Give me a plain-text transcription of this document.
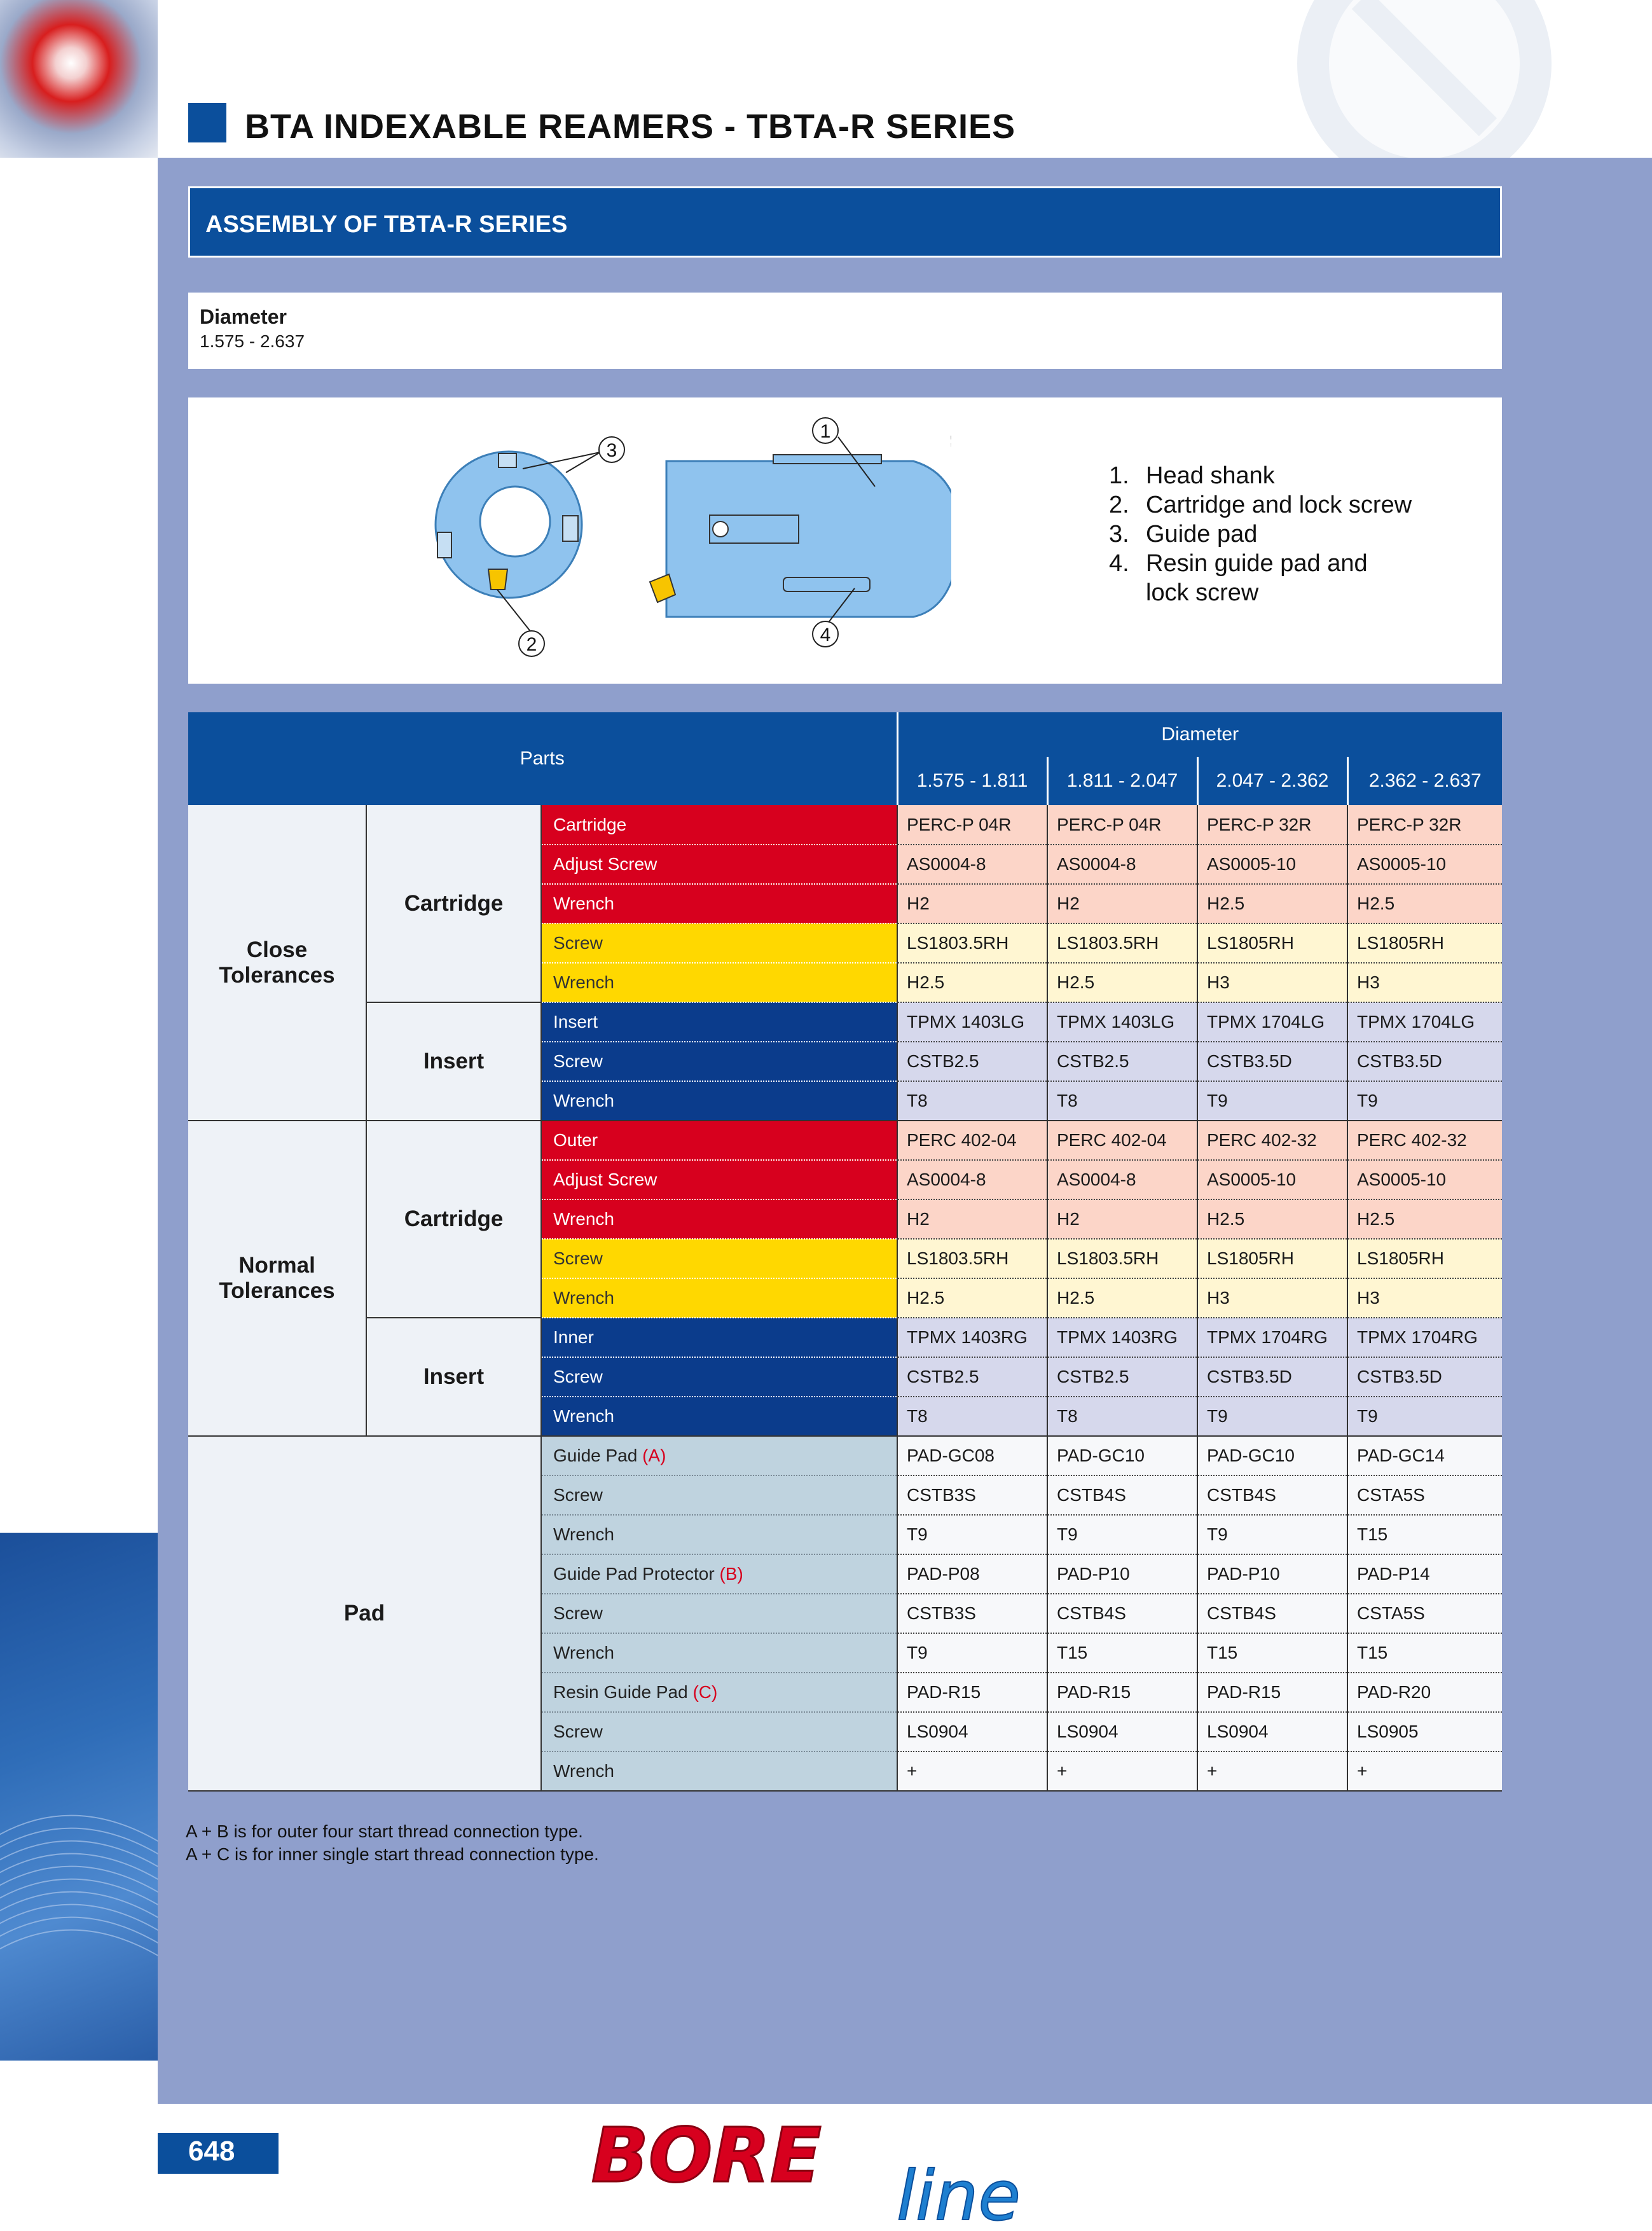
BTA INDEXABLE REAMERS - TBTA-R SERIES
ASSEMBLY OF TBTA-R SERIES
Diameter
1.575 - 2.637
1
2
3
4
1. Head shank
2. Cartridge and lock screw
3. Guide pad
4. Resin guide pad and
lock screw
Parts			Diameter			
			1.575 - 1.811	1.811 - 2.047	2.047 - 2.362	2.362 - 2.637
Close Tolerances	Cartridge	Cartridge	PERC-P 04R	PERC-P 04R	PERC-P 32R	PERC-P 32R
		Adjust Screw	AS0004-8	AS0004-8	AS0005-10	AS0005-10
		Wrench	H2	H2	H2.5	H2.5
		Screw	LS1803.5RH	LS1803.5RH	LS1805RH	LS1805RH
		Wrench	H2.5	H2.5	H3	H3
	Insert	Insert	TPMX 1403LG	TPMX 1403LG	TPMX 1704LG	TPMX 1704LG
		Screw	CSTB2.5	CSTB2.5	CSTB3.5D	CSTB3.5D
		Wrench	T8	T8	T9	T9
Normal Tolerances	Cartridge	Outer	PERC 402-04	PERC 402-04	PERC 402-32	PERC 402-32
		Adjust Screw	AS0004-8	AS0004-8	AS0005-10	AS0005-10
		Wrench	H2	H2	H2.5	H2.5
		Screw	LS1803.5RH	LS1803.5RH	LS1805RH	LS1805RH
		Wrench	H2.5	H2.5	H3	H3
	Insert	Inner	TPMX 1403RG	TPMX 1403RG	TPMX 1704RG	TPMX 1704RG
		Screw	CSTB2.5	CSTB2.5	CSTB3.5D	CSTB3.5D
		Wrench	T8	T8	T9	T9
Pad		Guide Pad (A)	PAD-GC08	PAD-GC10	PAD-GC10	PAD-GC14
		Screw	CSTB3S	CSTB4S	CSTB4S	CSTA5S
		Wrench	T9	T9	T9	T15
		Guide Pad Protector (B)	PAD-P08	PAD-P10	PAD-P10	PAD-P14
		Screw	CSTB3S	CSTB4S	CSTB4S	CSTA5S
		Wrench	T9	T15	T15	T15
		Resin Guide Pad (C)	PAD-R15	PAD-R15	PAD-R15	PAD-R20
		Screw	LS0904	LS0904	LS0904	LS0905
		Wrench	+	+	+	+
A + B is for outer four start thread connection type.
A + C is for inner single start thread connection type.
648	BORE line
